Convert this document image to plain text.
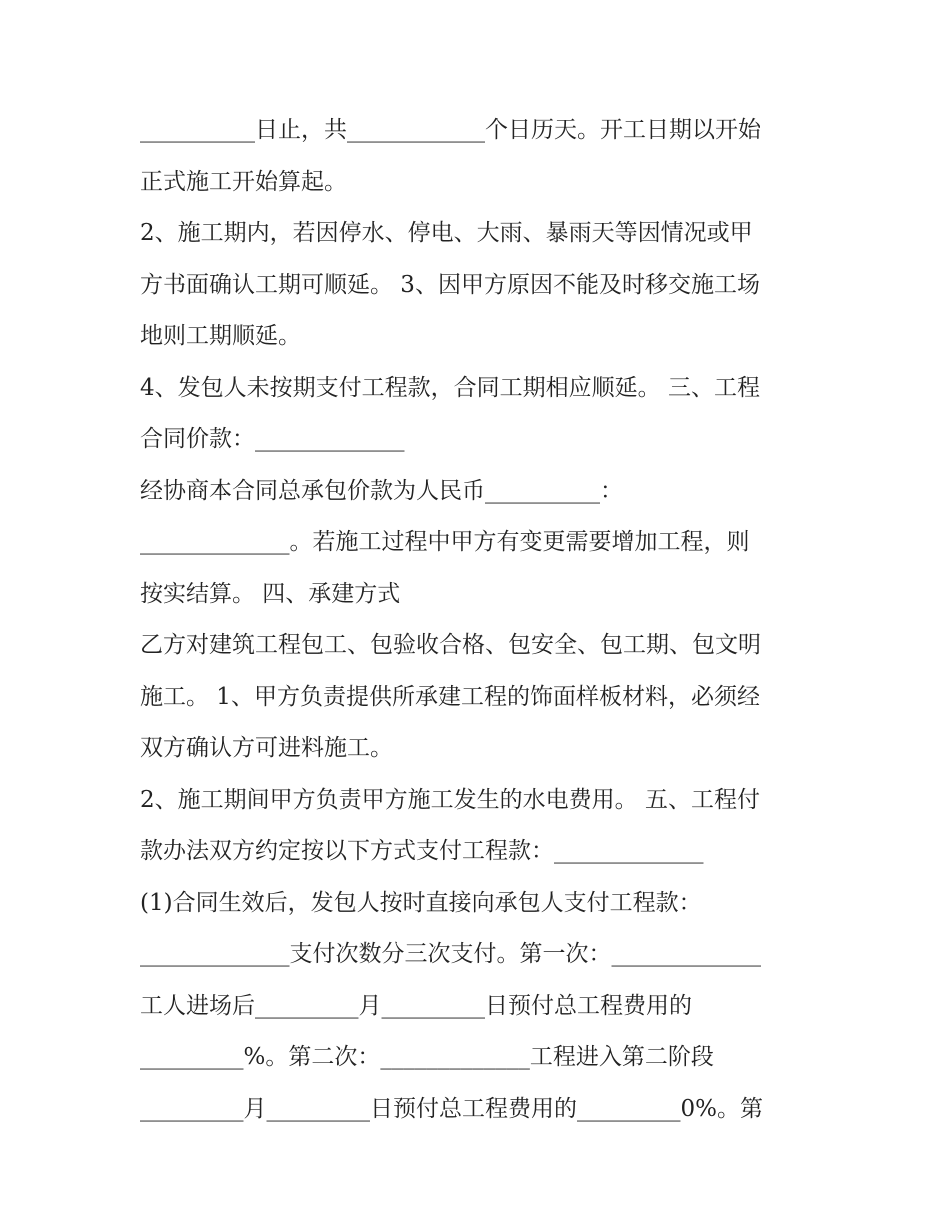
__________日止，共____________个日历天。开工日期以开始
正式施工开始算起。
2、施工期内，若因停水、停电、大雨、暴雨天等因情况或甲
方书面确认工期可顺延。 3、因甲方原因不能及时移交施工场
地则工期顺延。
4、发包人未按期支付工程款，合同工期相应顺延。 三、工程
合同价款：_____________
经协商本合同总承包价款为人民币__________：
_____________。若施工过程中甲方有变更需要增加工程，则
按实结算。 四、承建方式
乙方对建筑工程包工、包验收合格、包安全、包工期、包文明
施工。 1、甲方负责提供所承建工程的饰面样板材料，必须经
双方确认方可进料施工。
2、施工期间甲方负责甲方施工发生的水电费用。 五、工程付
款办法双方约定按以下方式支付工程款：_____________
(1)合同生效后，发包人按时直接向承包人支付工程款：
_____________支付次数分三次支付。第一次：_____________
工人进场后_________月_________日预付总工程费用的
_________%。第二次：_____________工程进入第二阶段
_________月_________日预付总工程费用的_________0%。第
